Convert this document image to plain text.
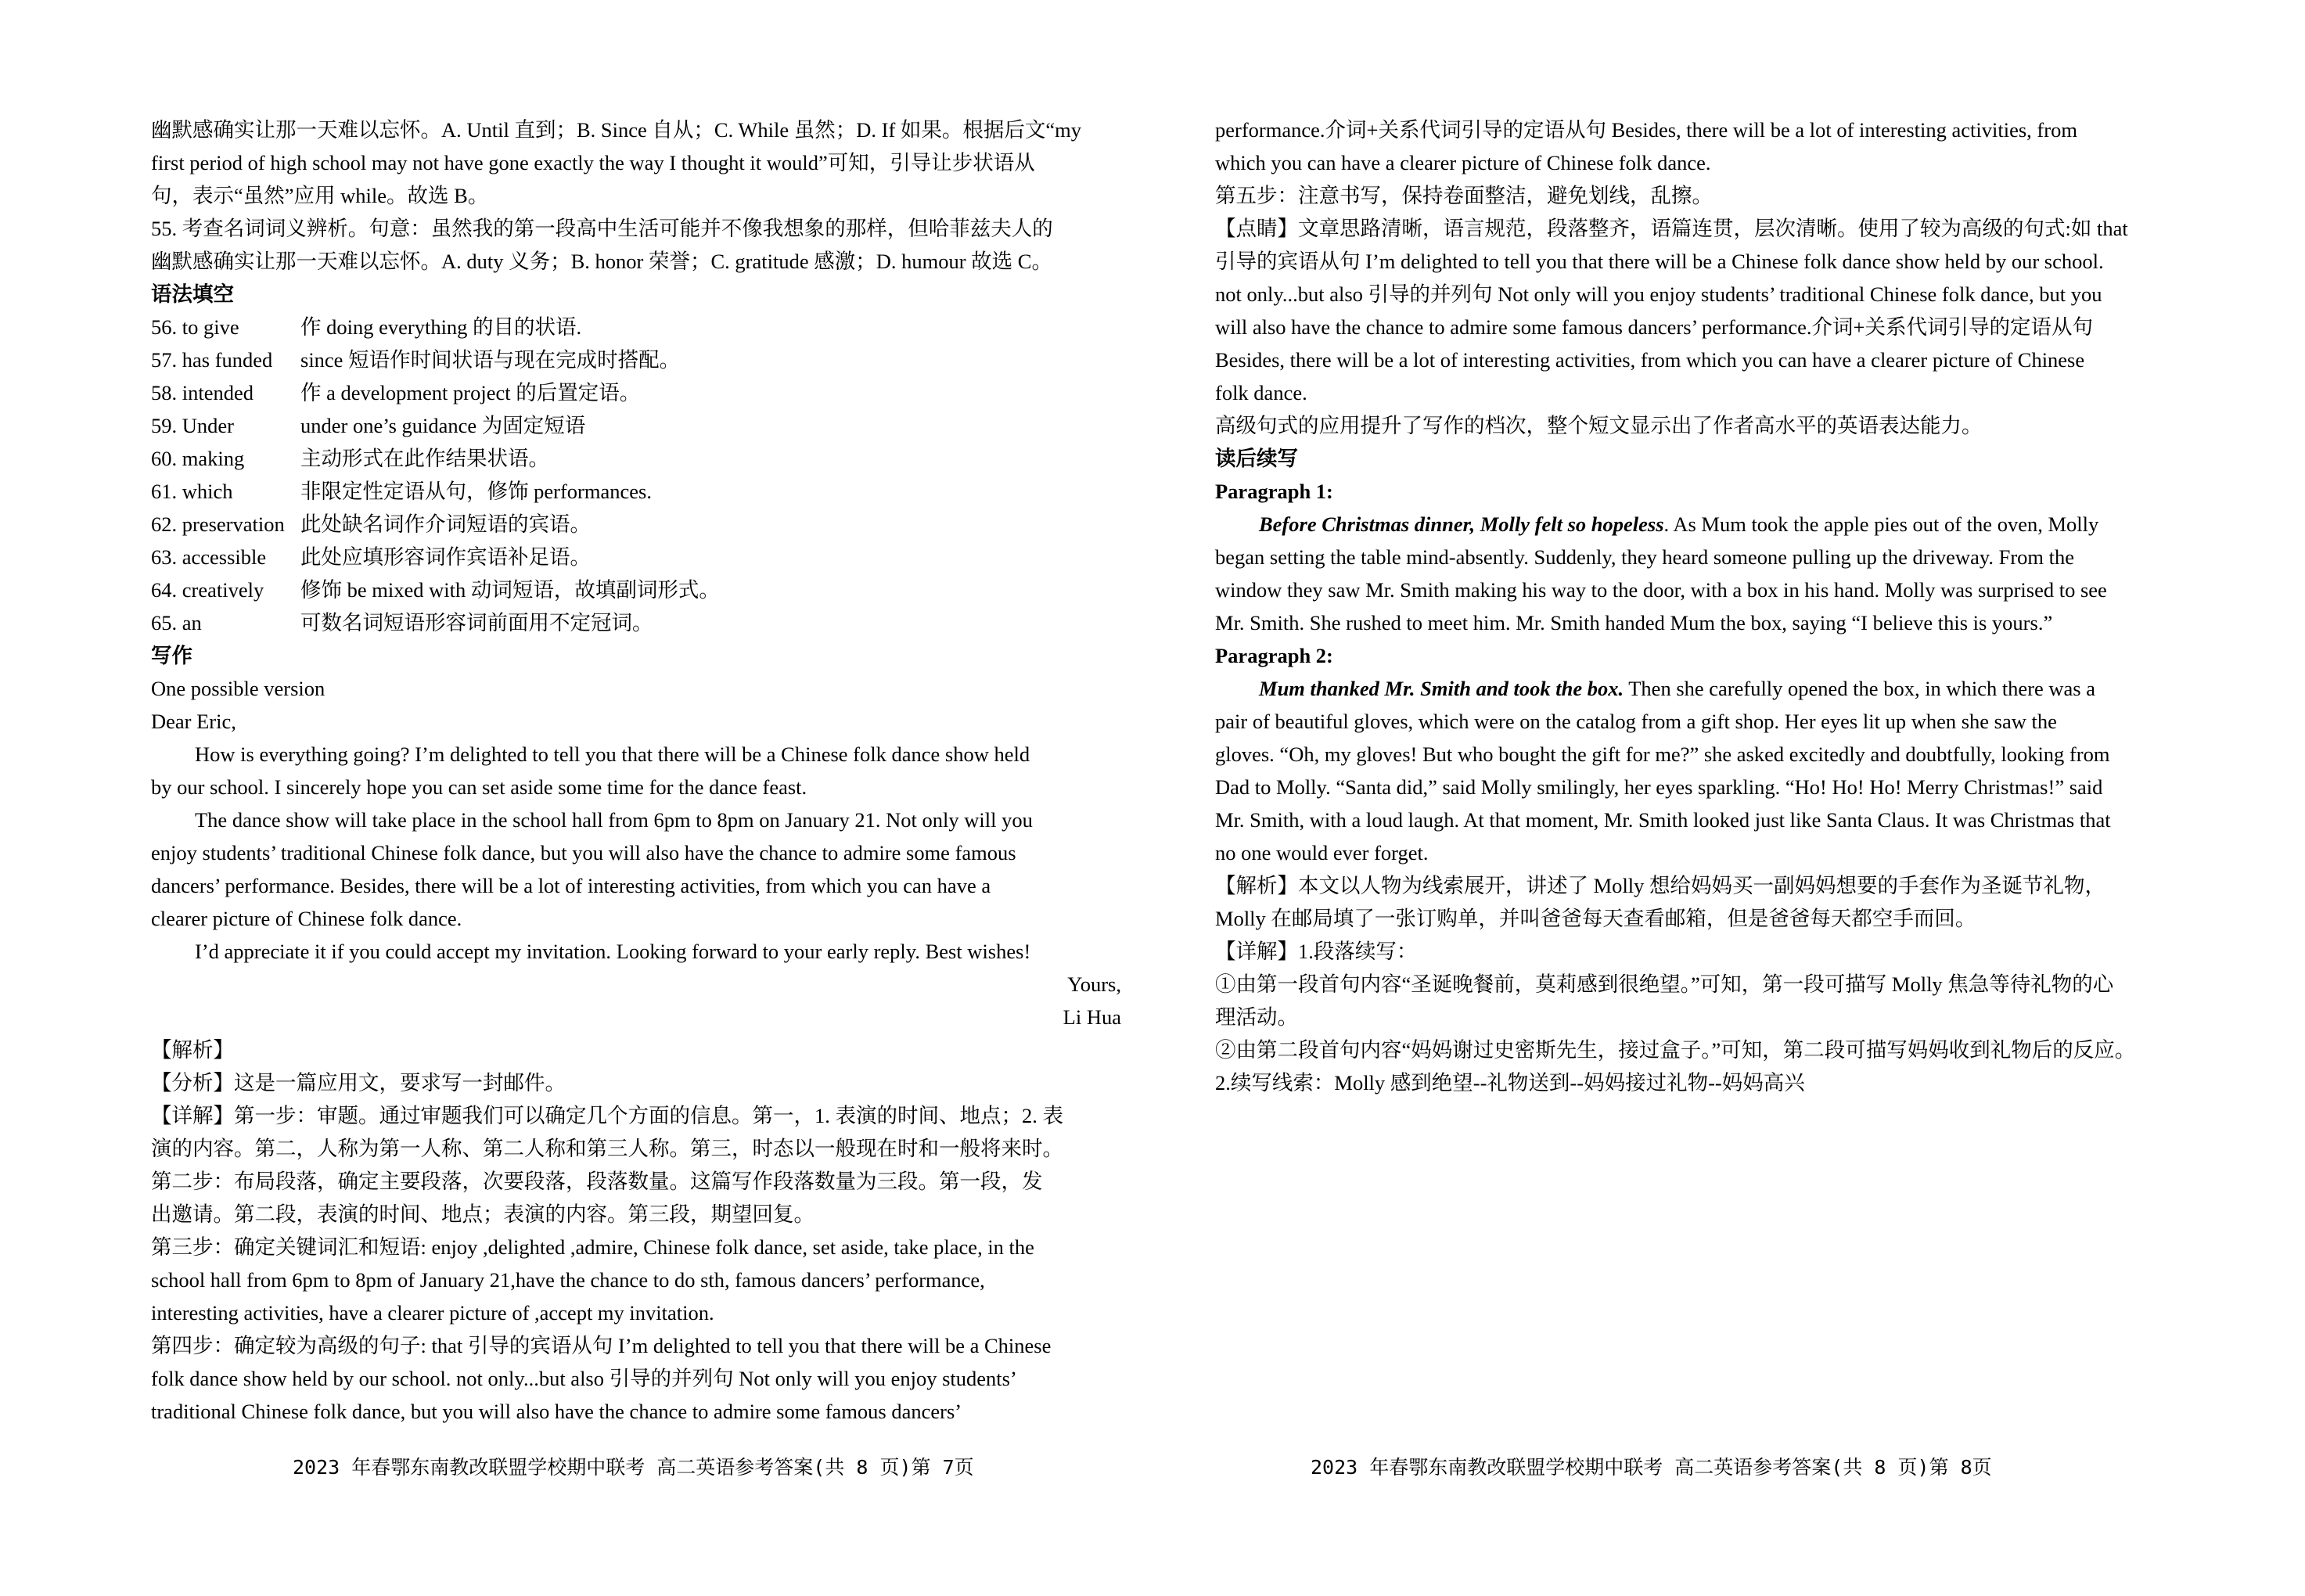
幽默感确实让那一天难以忘怀。A. Until 直到；B. Since 自从；C. While 虽然；D. If 如果。根据后文“my
first period of high school may not have gone exactly the way I thought it would”可知，引导让步状语从
句，表示“虽然”应用 while。故选 B。
55. 考查名词词义辨析。句意：虽然我的第一段高中生活可能并不像我想象的那样，但哈菲兹夫人的
幽默感确实让那一天难以忘怀。A. duty 义务；B. honor 荣誉；C. gratitude 感激；D. humour 故选 C。
语法填空
56. to give	作 doing everything 的目的状语.
57. has funded	since 短语作时间状语与现在完成时搭配。
58. intended	作 a development project 的后置定语。
59. Under	under one’s guidance 为固定短语
60. making	主动形式在此作结果状语。
61. which	非限定性定语从句，修饰 performances.
62. preservation 此处缺名词作介词短语的宾语。
63. accessible	此处应填形容词作宾语补足语。
64. creatively	修饰 be mixed with 动词短语，故填副词形式。
65. an	可数名词短语形容词前面用不定冠词。
写作
One possible version
Dear Eric,
How is everything going? I’m delighted to tell you that there will be a Chinese folk dance show held
by our school. I sincerely hope you can set aside some time for the dance feast.
The dance show will take place in the school hall from 6pm to 8pm on January 21. Not only will you
enjoy students’ traditional Chinese folk dance, but you will also have the chance to admire some famous
dancers’ performance. Besides, there will be a lot of interesting activities, from which you can have a
clearer picture of Chinese folk dance.
I’d appreciate it if you could accept my invitation. Looking forward to your early reply. Best wishes!
Yours,
Li Hua
【解析】
【分析】这是一篇应用文，要求写一封邮件。
【详解】第一步：审题。通过审题我们可以确定几个方面的信息。第一，1. 表演的时间、地点；2. 表
演的内容。第二，人称为第一人称、第二人称和第三人称。第三，时态以一般现在时和一般将来时。
第二步：布局段落，确定主要段落，次要段落，段落数量。这篇写作段落数量为三段。第一段，发
出邀请。第二段，表演的时间、地点；表演的内容。第三段，期望回复。
第三步：确定关键词汇和短语: enjoy ,delighted ,admire, Chinese folk dance, set aside, take place, in the
school hall from 6pm to 8pm of January 21,have the chance to do sth, famous dancers’ performance,
interesting activities, have a clearer picture of ,accept my invitation.
第四步：确定较为高级的句子: that 引导的宾语从句 I’m delighted to tell you that there will be a Chinese
folk dance show held by our school. not only...but also 引导的并列句 Not only will you enjoy students’
traditional Chinese folk dance, but you will also have the chance to admire some famous dancers’
performance.介词+关系代词引导的定语从句 Besides, there will be a lot of interesting activities, from
which you can have a clearer picture of Chinese folk dance.
第五步：注意书写，保持卷面整洁，避免划线，乱擦。
【点睛】文章思路清晰，语言规范，段落整齐，语篇连贯，层次清晰。使用了较为高级的句式:如 that
引导的宾语从句 I’m delighted to tell you that there will be a Chinese folk dance show held by our school.
not only...but also 引导的并列句 Not only will you enjoy students’ traditional Chinese folk dance, but you
will also have the chance to admire some famous dancers’ performance.介词+关系代词引导的定语从句
Besides, there will be a lot of interesting activities, from which you can have a clearer picture of Chinese
folk dance.
高级句式的应用提升了写作的档次，整个短文显示出了作者高水平的英语表达能力。
读后续写
Paragraph 1:
Before Christmas dinner, Molly felt so hopeless. As Mum took the apple pies out of the oven, Molly
began setting the table mind-absently. Suddenly, they heard someone pulling up the driveway. From the
window they saw Mr. Smith making his way to the door, with a box in his hand. Molly was surprised to see
Mr. Smith. She rushed to meet him. Mr. Smith handed Mum the box, saying “I believe this is yours.”
Paragraph 2:
Mum thanked Mr. Smith and took the box. Then she carefully opened the box, in which there was a
pair of beautiful gloves, which were on the catalog from a gift shop. Her eyes lit up when she saw the
gloves. “Oh, my gloves! But who bought the gift for me?” she asked excitedly and doubtfully, looking from
Dad to Molly. “Santa did,” said Molly smilingly, her eyes sparkling. “Ho! Ho! Ho! Merry Christmas!” said
Mr. Smith, with a loud laugh. At that moment, Mr. Smith looked just like Santa Claus. It was Christmas that
no one would ever forget.
【解析】本文以人物为线索展开，讲述了 Molly 想给妈妈买一副妈妈想要的手套作为圣诞节礼物，
Molly 在邮局填了一张订购单，并叫爸爸每天查看邮箱，但是爸爸每天都空手而回。
【详解】1.段落续写：
①由第一段首句内容“圣诞晚餐前，莫莉感到很绝望。”可知，第一段可描写 Molly 焦急等待礼物的心
理活动。
②由第二段首句内容“妈妈谢过史密斯先生，接过盒子。”可知，第二段可描写妈妈收到礼物后的反应。
2.续写线索：Molly 感到绝望--礼物送到--妈妈接过礼物--妈妈高兴
2023 年春鄂东南教改联盟学校期中联考 高二英语参考答案(共 8 页)第 7页	2023 年春鄂东南教改联盟学校期中联考 高二英语参考答案(共 8 页)第 8页
